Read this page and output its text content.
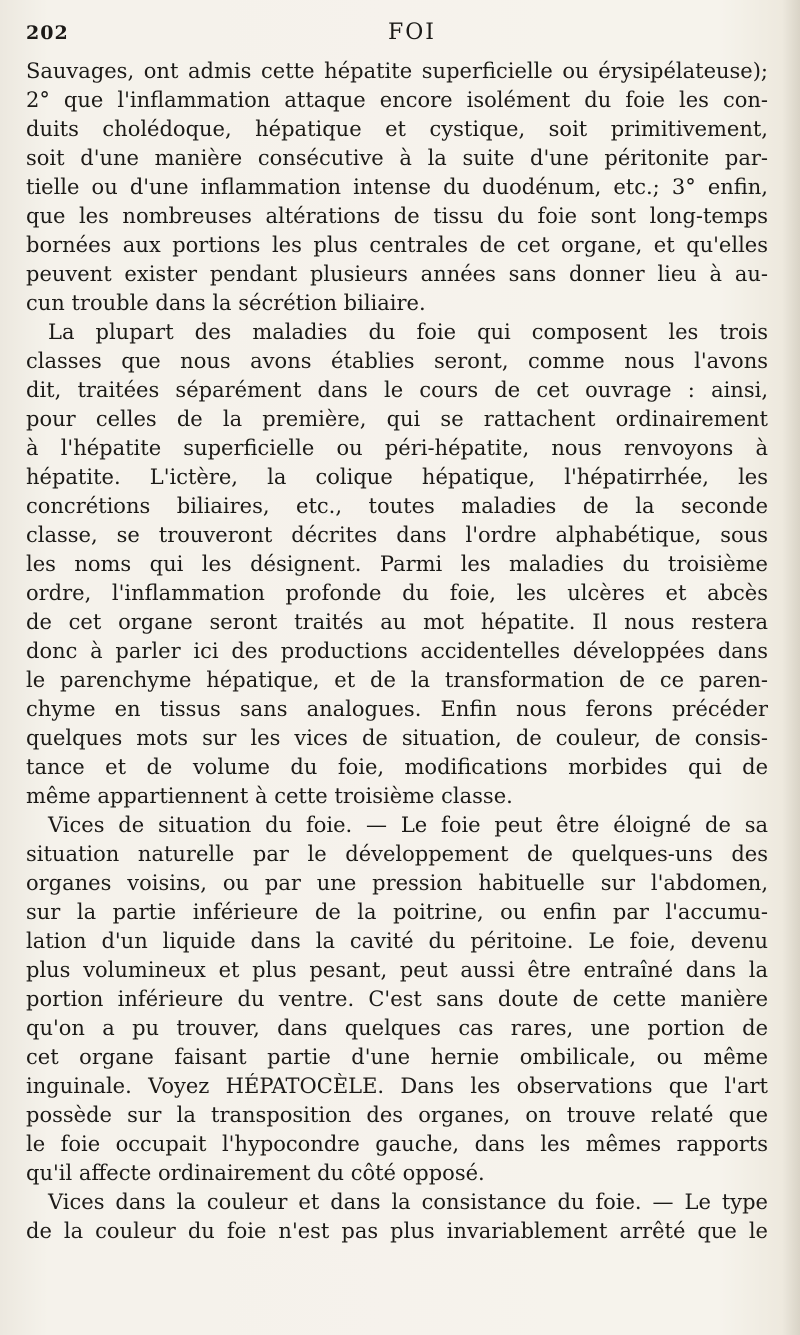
202	FOI
Sauvages, ont admis cette hépatite superficielle ou érysipélateuse);
2° que l'inflammation attaque encore isolément du foie les con-
duits cholédoque, hépatique et cystique, soit primitivement,
soit d'une manière consécutive à la suite d'une péritonite par-
tielle ou d'une inflammation intense du duodénum, etc.; 3° enfin,
que les nombreuses altérations de tissu du foie sont long-temps
bornées aux portions les plus centrales de cet organe, et qu'elles
peuvent exister pendant plusieurs années sans donner lieu à au-
cun trouble dans la sécrétion biliaire.
La plupart des maladies du foie qui composent les trois
classes que nous avons établies seront, comme nous l'avons
dit, traitées séparément dans le cours de cet ouvrage : ainsi,
pour celles de la première, qui se rattachent ordinairement
à l'hépatite superficielle ou péri-hépatite, nous renvoyons à
hépatite. L'ictère, la colique hépatique, l'hépatirrhée, les
concrétions biliaires, etc., toutes maladies de la seconde
classe, se trouveront décrites dans l'ordre alphabétique, sous
les noms qui les désignent. Parmi les maladies du troisième
ordre, l'inflammation profonde du foie, les ulcères et abcès
de cet organe seront traités au mot hépatite. Il nous restera
donc à parler ici des productions accidentelles développées dans
le parenchyme hépatique, et de la transformation de ce paren-
chyme en tissus sans analogues. Enfin nous ferons précéder
quelques mots sur les vices de situation, de couleur, de consis-
tance et de volume du foie, modifications morbides qui de
même appartiennent à cette troisième classe.
Vices de situation du foie. — Le foie peut être éloigné de sa
situation naturelle par le développement de quelques-uns des
organes voisins, ou par une pression habituelle sur l'abdomen,
sur la partie inférieure de la poitrine, ou enfin par l'accumu-
lation d'un liquide dans la cavité du péritoine. Le foie, devenu
plus volumineux et plus pesant, peut aussi être entraîné dans la
portion inférieure du ventre. C'est sans doute de cette manière
qu'on a pu trouver, dans quelques cas rares, une portion de
cet organe faisant partie d'une hernie ombilicale, ou même
inguinale. Voyez HÉPATOCÈLE. Dans les observations que l'art
possède sur la transposition des organes, on trouve relaté que
le foie occupait l'hypocondre gauche, dans les mêmes rapports
qu'il affecte ordinairement du côté opposé.
Vices dans la couleur et dans la consistance du foie. — Le type
de la couleur du foie n'est pas plus invariablement arrêté que le
